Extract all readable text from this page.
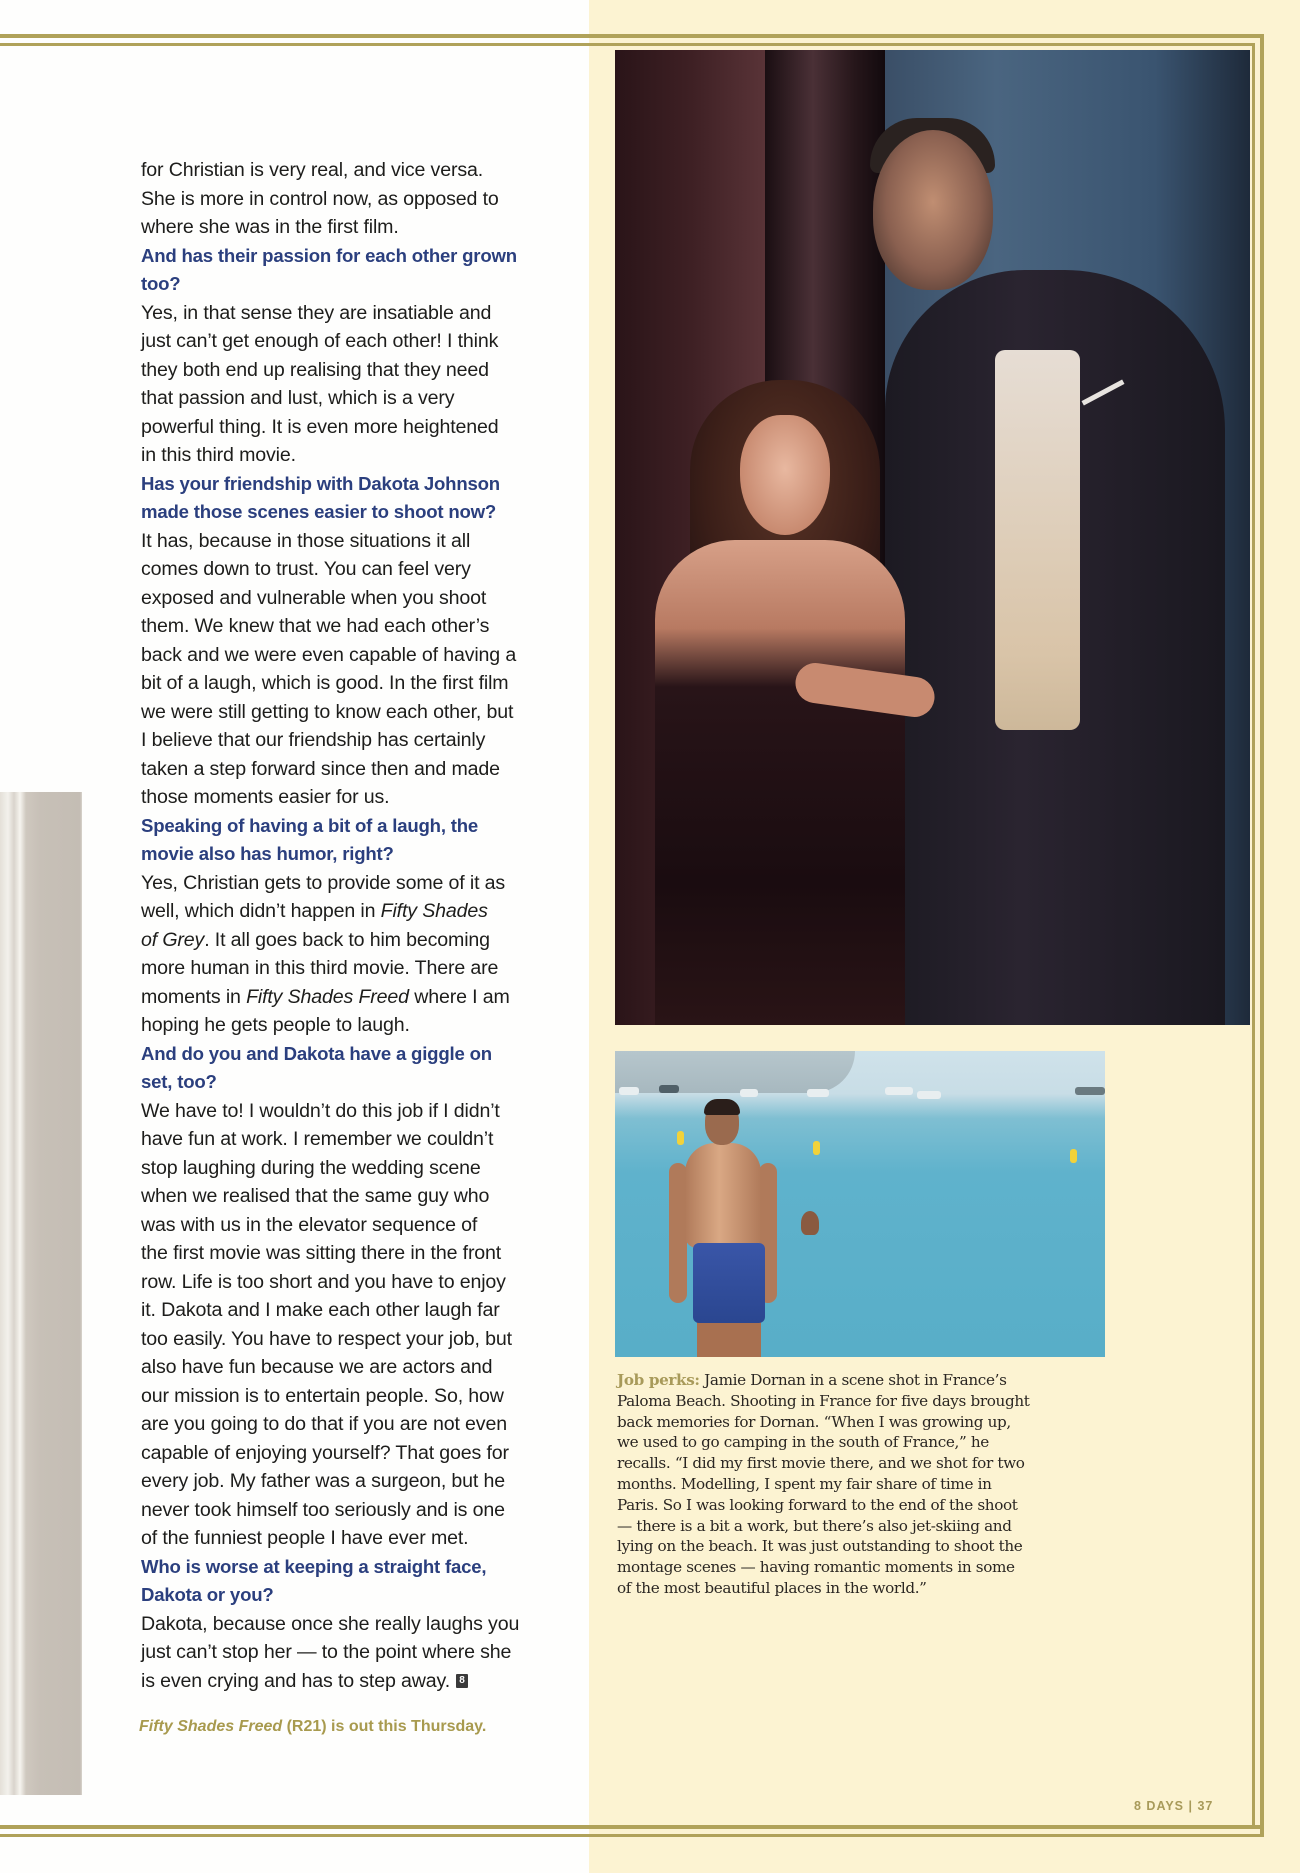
for Christian is very real, and vice versa.
She is more in control now, as opposed to
where she was in the first film.
And has their passion for each other grown
too?
Yes, in that sense they are insatiable and
just can’t get enough of each other! I think
they both end up realising that they need
that passion and lust, which is a very
powerful thing. It is even more heightened
in this third movie.
Has your friendship with Dakota Johnson
made those scenes easier to shoot now?
It has, because in those situations it all
comes down to trust. You can feel very
exposed and vulnerable when you shoot
them. We knew that we had each other’s
back and we were even capable of having a
bit of a laugh, which is good. In the first film
we were still getting to know each other, but
I believe that our friendship has certainly
taken a step forward since then and made
those moments easier for us.
Speaking of having a bit of a laugh, the
movie also has humor, right?
Yes, Christian gets to provide some of it as
well, which didn’t happen in Fifty Shades
of Grey. It all goes back to him becoming
more human in this third movie. There are
moments in Fifty Shades Freed where I am
hoping he gets people to laugh.
And do you and Dakota have a giggle on
set, too?
We have to! I wouldn’t do this job if I didn’t
have fun at work. I remember we couldn’t
stop laughing during the wedding scene
when we realised that the same guy who
was with us in the elevator sequence of
the first movie was sitting there in the front
row. Life is too short and you have to enjoy
it. Dakota and I make each other laugh far
too easily. You have to respect your job, but
also have fun because we are actors and
our mission is to entertain people. So, how
are you going to do that if you are not even
capable of enjoying yourself? That goes for
every job. My father was a surgeon, but he
never took himself too seriously and is one
of the funniest people I have ever met.
Who is worse at keeping a straight face,
Dakota or you?
Dakota, because once she really laughs you
just can’t stop her — to the point where she
is even crying and has to step away. 8
Fifty Shades Freed (R21) is out this Thursday.
Job perks: Jamie Dornan in a scene shot in France’s
Paloma Beach. Shooting in France for five days brought
back memories for Dornan. “When I was growing up,
we used to go camping in the south of France,” he
recalls. “I did my first movie there, and we shot for two
months. Modelling, I spent my fair share of time in
Paris. So I was looking forward to the end of the shoot
— there is a bit a work, but there’s also jet-skiing and
lying on the beach. It was just outstanding to shoot the
montage scenes — having romantic moments in some
of the most beautiful places in the world.”
8 DAYS | 37
